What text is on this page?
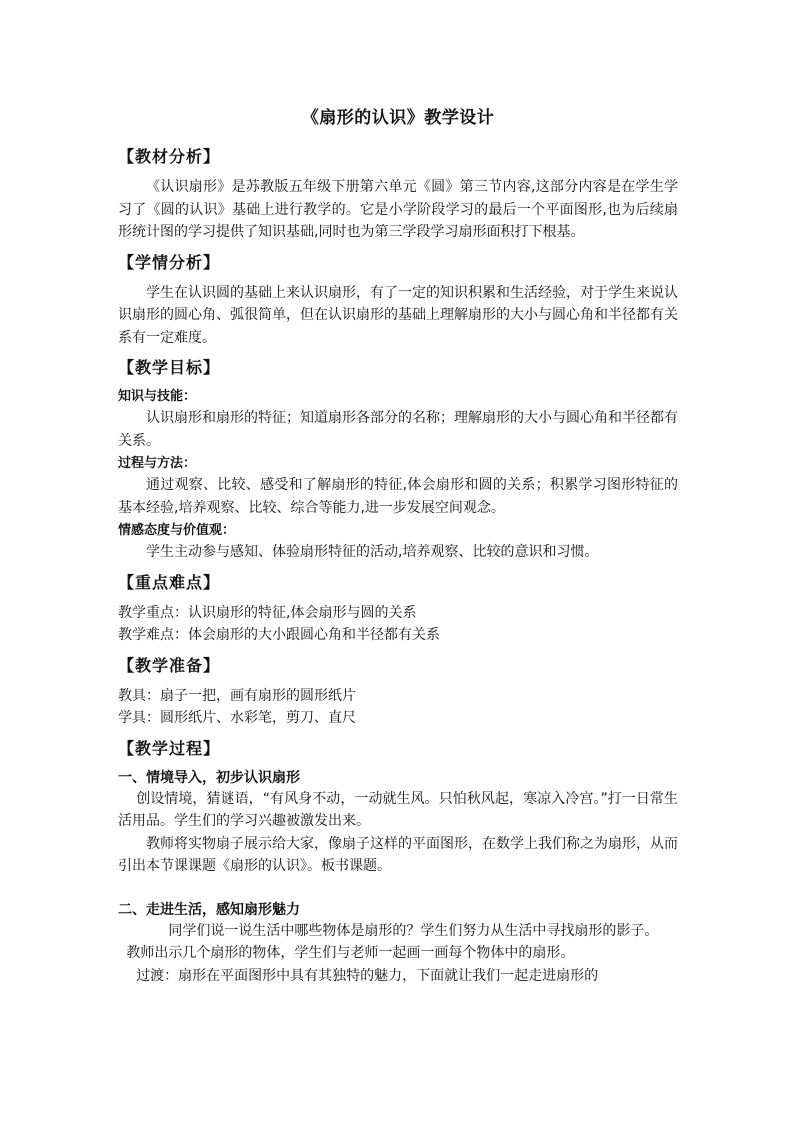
《扇形的认识》教学设计
【教材分析】

《认识扇形》是苏教版五年级下册第六单元《圆》第三节内容,这部分内容是在学生学习了《圆的认识》基础上进行教学的。它是小学阶段学习的最后一个平面图形,也为后续扇形统计图的学习提供了知识基础,同时也为第三学段学习扇形面积打下根基。

【学情分析】

学生在认识圆的基础上来认识扇形，有了一定的知识积累和生活经验，对于学生来说认识扇形的圆心角、弧很简单，但在认识扇形的基础上理解扇形的大小与圆心角和半径都有关系有一定难度。

【教学目标】
知识与技能：

认识扇形和扇形的特征；知道扇形各部分的名称；理解扇形的大小与圆心角和半径都有关系。

过程与方法：

通过观察、比较、感受和了解扇形的特征,体会扇形和圆的关系；积累学习图形特征的基本经验,培养观察、比较、综合等能力,进一步发展空间观念。

情感态度与价值观：

学生主动参与感知、体验扇形特征的活动,培养观察、比较的意识和习惯。

【重点难点】

教学重点：认识扇形的特征,体会扇形与圆的关系

教学难点：体会扇形的大小跟圆心角和半径都有关系

【教学准备】

教具：扇子一把，画有扇形的圆形纸片

学具：圆形纸片、水彩笔，剪刀、直尺

【教学过程】
一、情境导入，初步认识扇形

创设情境，猜谜语，“有风身不动，一动就生风。只怕秋风起，寒凉入冷宫。”打一日常生活用品。学生们的学习兴趣被激发出来。

教师将实物扇子展示给大家，像扇子这样的平面图形，在数学上我们称之为扇形，从而引出本节课课题《扇形的认识》。板书课题。

二、走进生活，感知扇形魅力

同学们说一说生活中哪些物体是扇形的？学生们努力从生活中寻找扇形的影子。

教师出示几个扇形的物体，学生们与老师一起画一画每个物体中的扇形。

过渡：扇形在平面图形中具有其独特的魅力，下面就让我们一起走进扇形的
